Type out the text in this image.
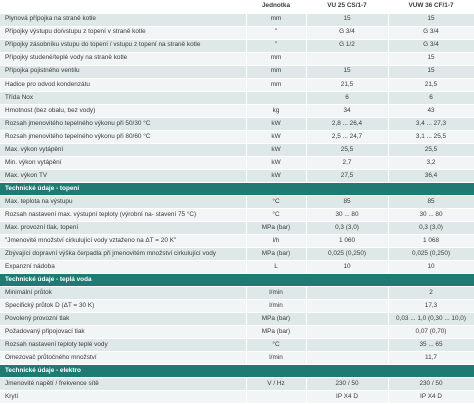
	Jednotka	VU 25 CS/1-7	VUW 36 CF/1-7
Plynová přípojka na straně kotle	mm	15	15
Přípojky výstupu do/vstupu z topení v straně kotle	"	G 3/4	G 3/4
Přípojky zásobníku vstupu do topení / vstupu z topení na straně kotle	"	G 1/2	G 3/4
Přípojky studené/teplé vody na straně kotle	mm		15
Přípojka pojistného ventilu	mm	15	15
Hadice pro odvod kondenzátu	mm	21,5	21,5
Třída Nox		6	6
Hmotnost (bez obalu, bez vody)	kg	34	43
Rozsah jmenovitého tepelného výkonu při 50/30 °C	kW	2,8 ... 26,4	3,4 ... 27,3
Rozsah jmenovitého tepelného výkonu při 80/60 °C	kW	2,5 ... 24,7	3,1 ... 25,5
Max. výkon vytápění	kW	25,5	25,5
Min. výkon vytápění	kW	2,7	3,2
Max. výkon TV	kW	27,5	36,4
Technické údaje - topení			
Max. teplota na výstupu	°C	85	85
Rozsah nastavení max. výstupní teploty (výrobní na- stavení 75 °C)	°C	30 ... 80	30 ... 80
Max. provozní tlak, topení	MPa (bar)	0,3 (3,0)	0,3 (3,0)
"Jmenovité množství cirkulující vody vztaženo na ΔT = 20 K"	l/h	1 060	1 068
Zbývající dopravní výška čerpadla při jmenovitém množství cirkulující vody	MPa (bar)	0,025 (0,250)	0,025 (0,250)
Expanzní nádoba	L	10	10
Technické údaje - teplá voda			
Minimální průtok	l/min		2
Specifický průtok D (ΔT = 30 K)	l/min		17,3
Povolený provozní tlak	MPa (bar)		0,03 ... 1,0 (0,30 ... 10,0)
Požadovaný připojovací tlak	MPa (bar)		0,07 (0,70)
Rozsah nastavení teploty teplé vody	°C		35 ... 65
Omezovač průtočného množství	l/min		11,7
Technické údaje - elektro			
Jmenovité napětí / frekvence sítě	V / Hz	230 / 50	230 / 50
Krytí		IP X4 D	IP X4 D
